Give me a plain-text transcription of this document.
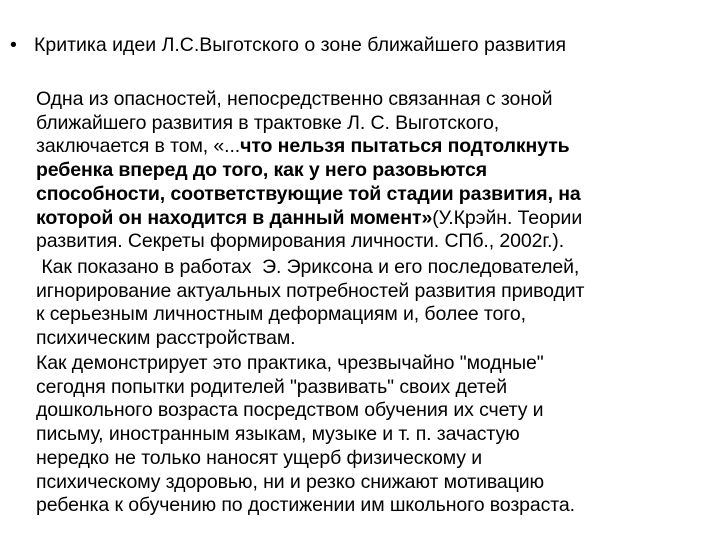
• Критика идеи Л.С.Выготского о зоне ближайшего развития
Одна из опасностей, непосредственно связанная с зоной
ближайшего развития в трактовке Л. С. Выготского,
заключается в том, «...что нельзя пытаться подтолкнуть
ребенка вперед до того, как у него разовьются
способности, соответствующие той стадии развития, на
которой он находится в данный момент»(У.Крэйн. Теории
развития. Секреты формирования личности. СПб., 2002г.).
Как показано в работах  Э. Эриксона и его последователей,
игнорирование актуальных потребностей развития приводит
к серьезным личностным деформациям и, более того,
психическим расстройствам.
Как демонстрирует это практика, чрезвычайно "модные"
сегодня попытки родителей "развивать" своих детей
дошкольного возраста посредством обучения их счету и
письму, иностранным языкам, музыке и т. п. зачастую
нередко не только наносят ущерб физическому и
психическому здоровью, ни и резко снижают мотивацию
ребенка к обучению по достижении им школьного возраста.
